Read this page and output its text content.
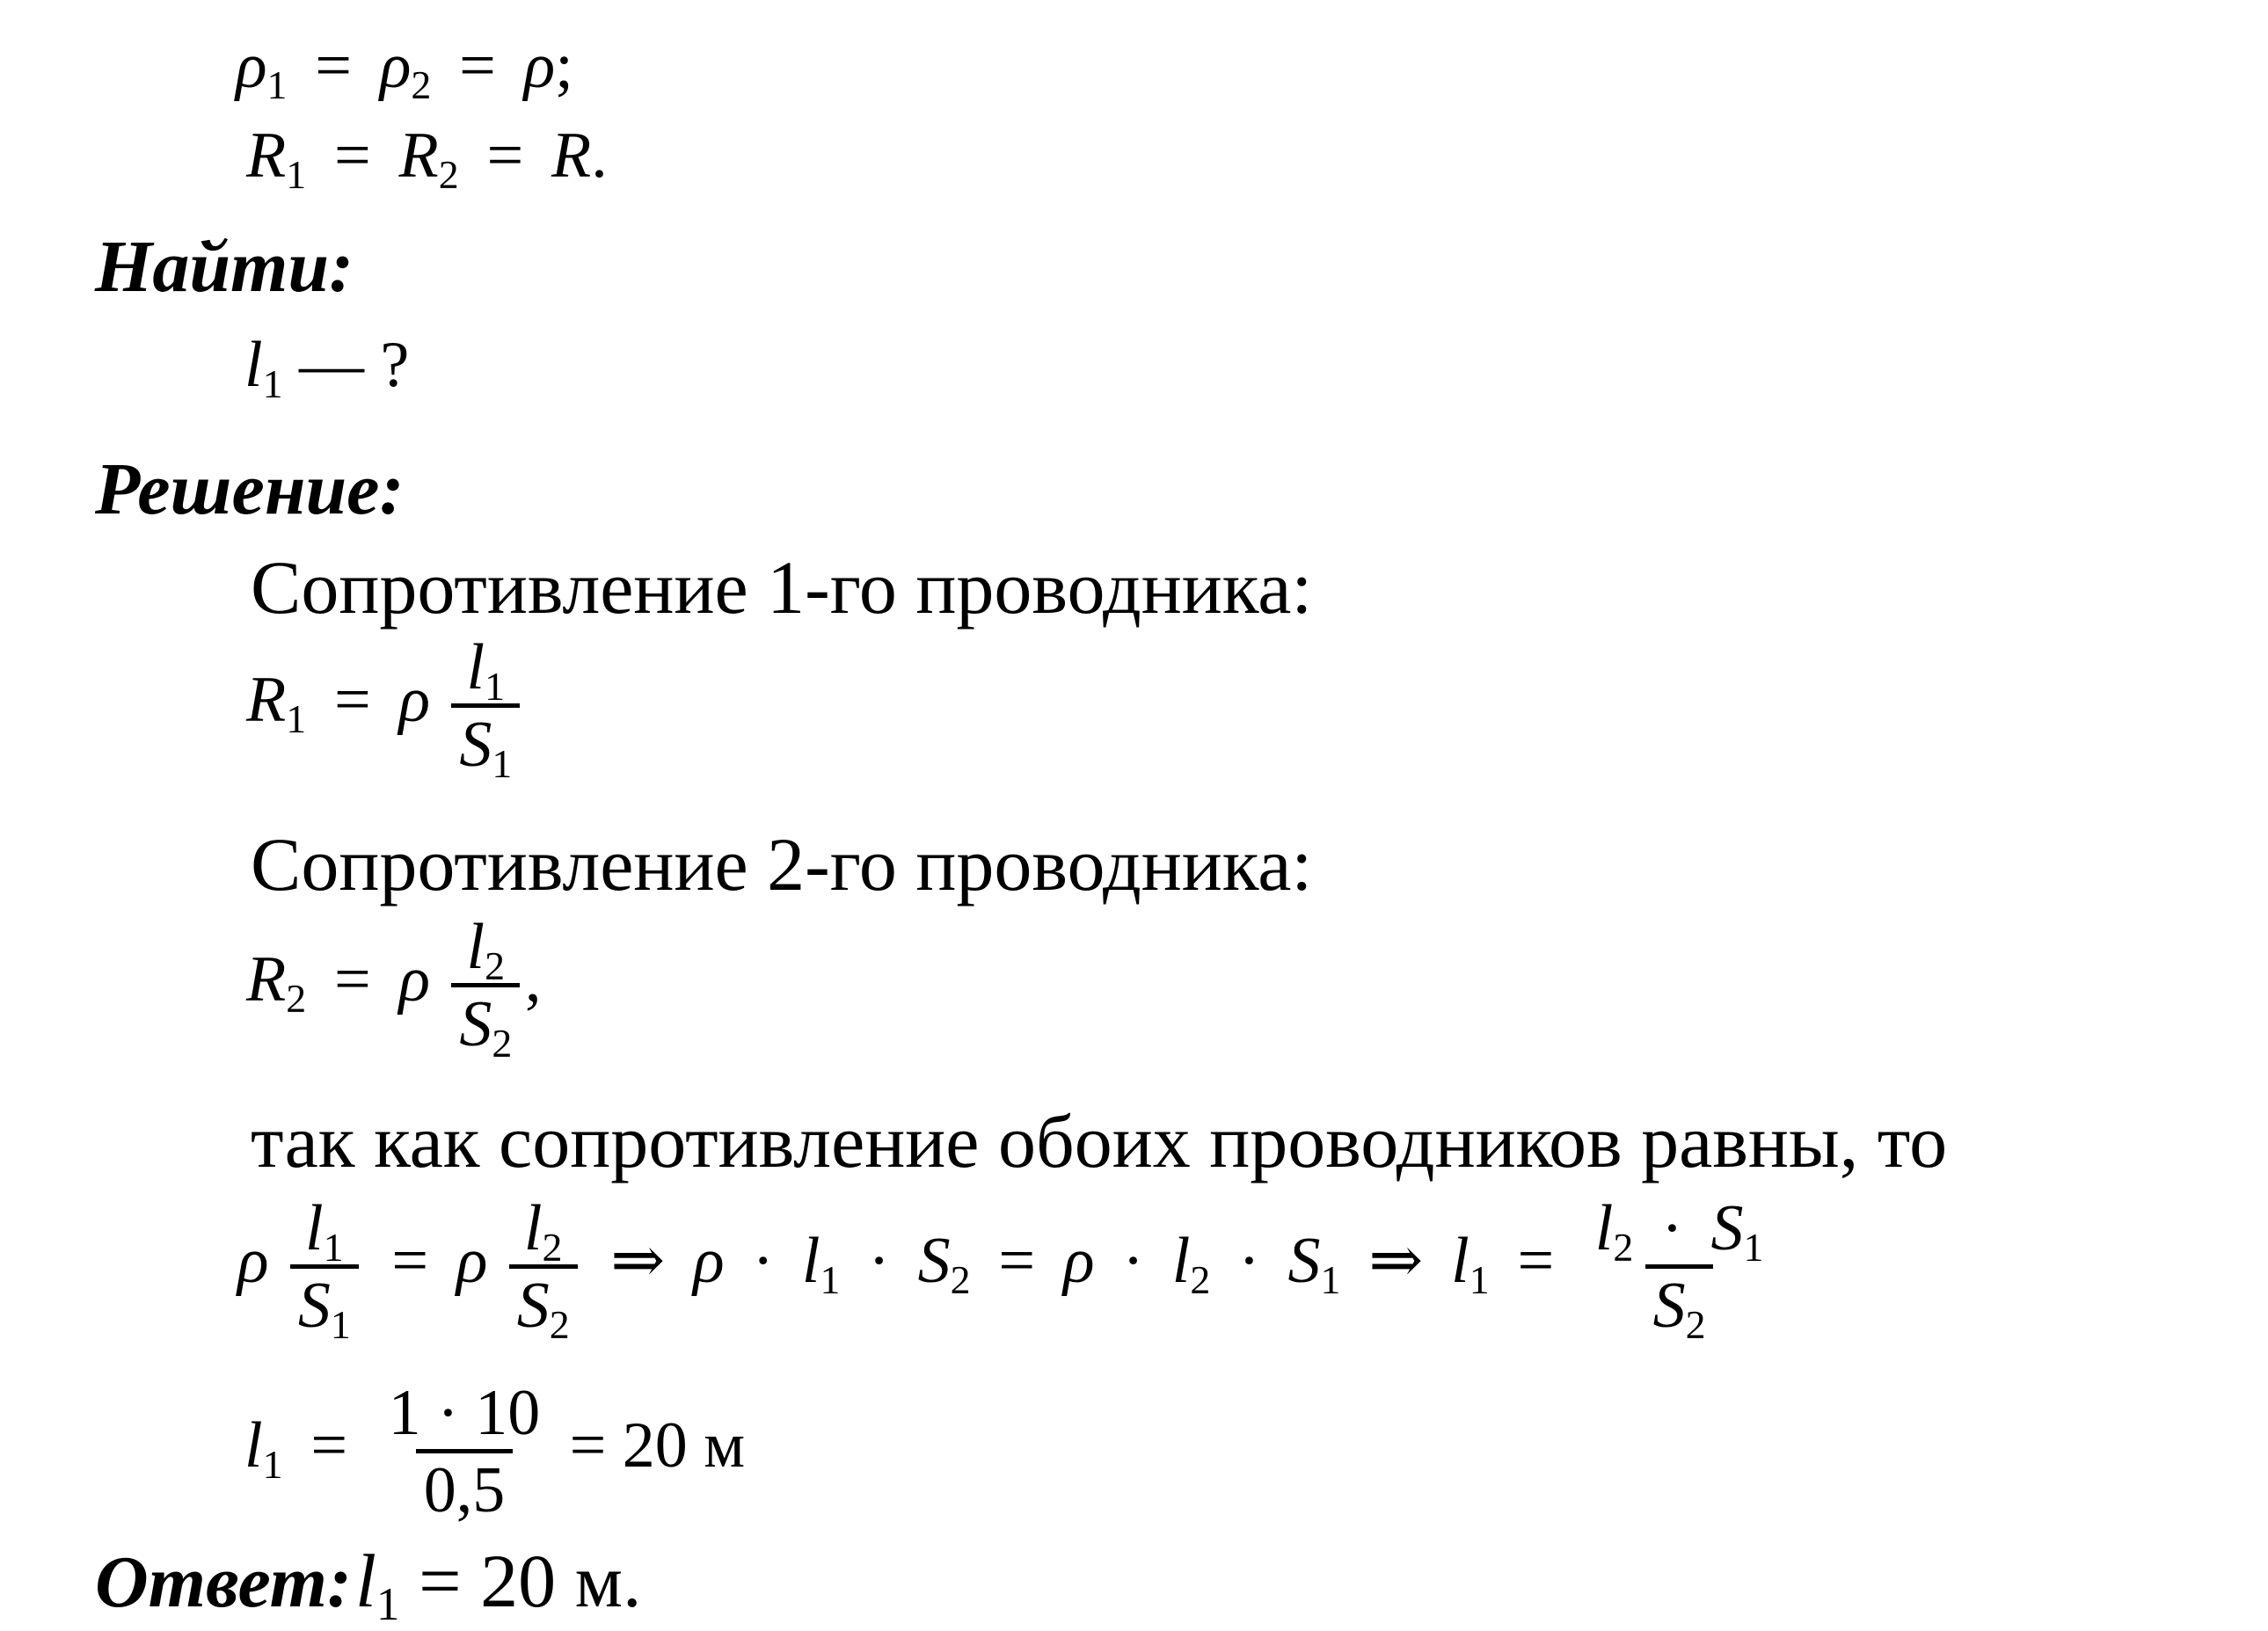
$\rho_1 = \rho_2 = \rho$;
$R_1 = R_2 = R$.
Найти:
$l_1$ — ?
Решение:
Сопротивление 1-го проводника:
$R_1 = \rho \frac{l_1}{S_1}$
Сопротивление 2-го проводника:
$R_2 = \rho \frac{l_2}{S_2}$ ,
так как сопротивление обоих проводников равны, то
ρ $\frac{l_1}{S_1} = \rho \frac{l_2}{S_2}$ ⇒ $\rho \cdot l_1 \cdot S_2 = \rho \cdot l_2 \cdot S_1$ ⇒ $l_1 = \frac{l_2 \cdot S_1}{S_2}$
$l_1 = \frac{1 \cdot 10}{0,5} = 20$ м
Ответ: $l_1 = 20$ м.
